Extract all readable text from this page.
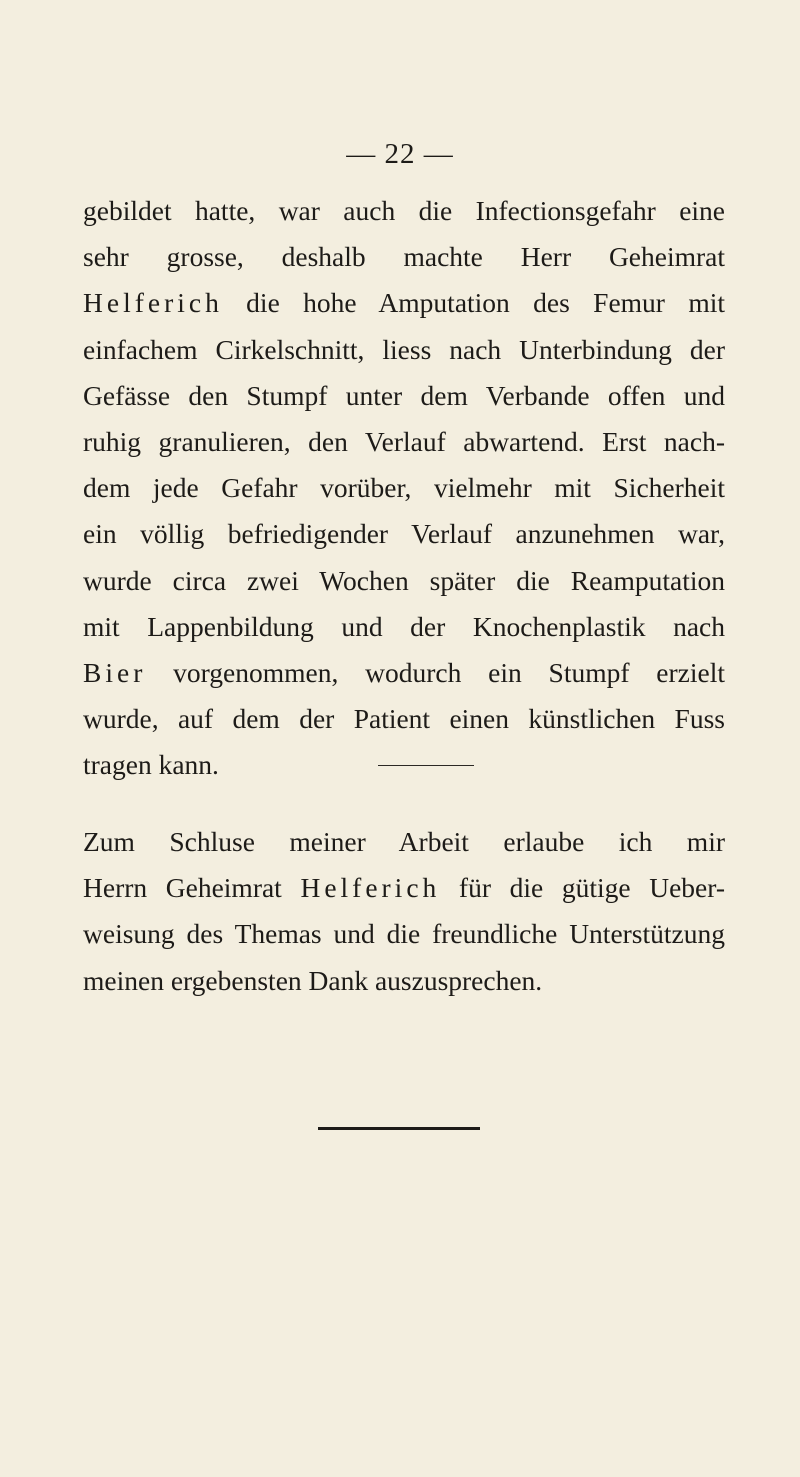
— 22 —
gebildet hatte, war auch die Infectionsgefahr eine
sehr grosse, deshalb machte Herr Geheimrat
Helferich die hohe Amputation des Femur mit
einfachem Cirkelschnitt, liess nach Unterbindung der
Gefässe den Stumpf unter dem Verbande offen und
ruhig granulieren, den Verlauf abwartend. Erst nach-
dem jede Gefahr vorüber, vielmehr mit Sicherheit
ein völlig befriedigender Verlauf anzunehmen war,
wurde circa zwei Wochen später die Reamputation
mit Lappenbildung und der Knochenplastik nach
Bier vorgenommen, wodurch ein Stumpf erzielt
wurde, auf dem der Patient einen künstlichen Fuss
tragen kann.
Zum Schluse meiner Arbeit erlaube ich mir
Herrn Geheimrat Helferich für die gütige Ueber-
weisung des Themas und die freundliche Unterstützung
meinen ergebensten Dank auszusprechen.
